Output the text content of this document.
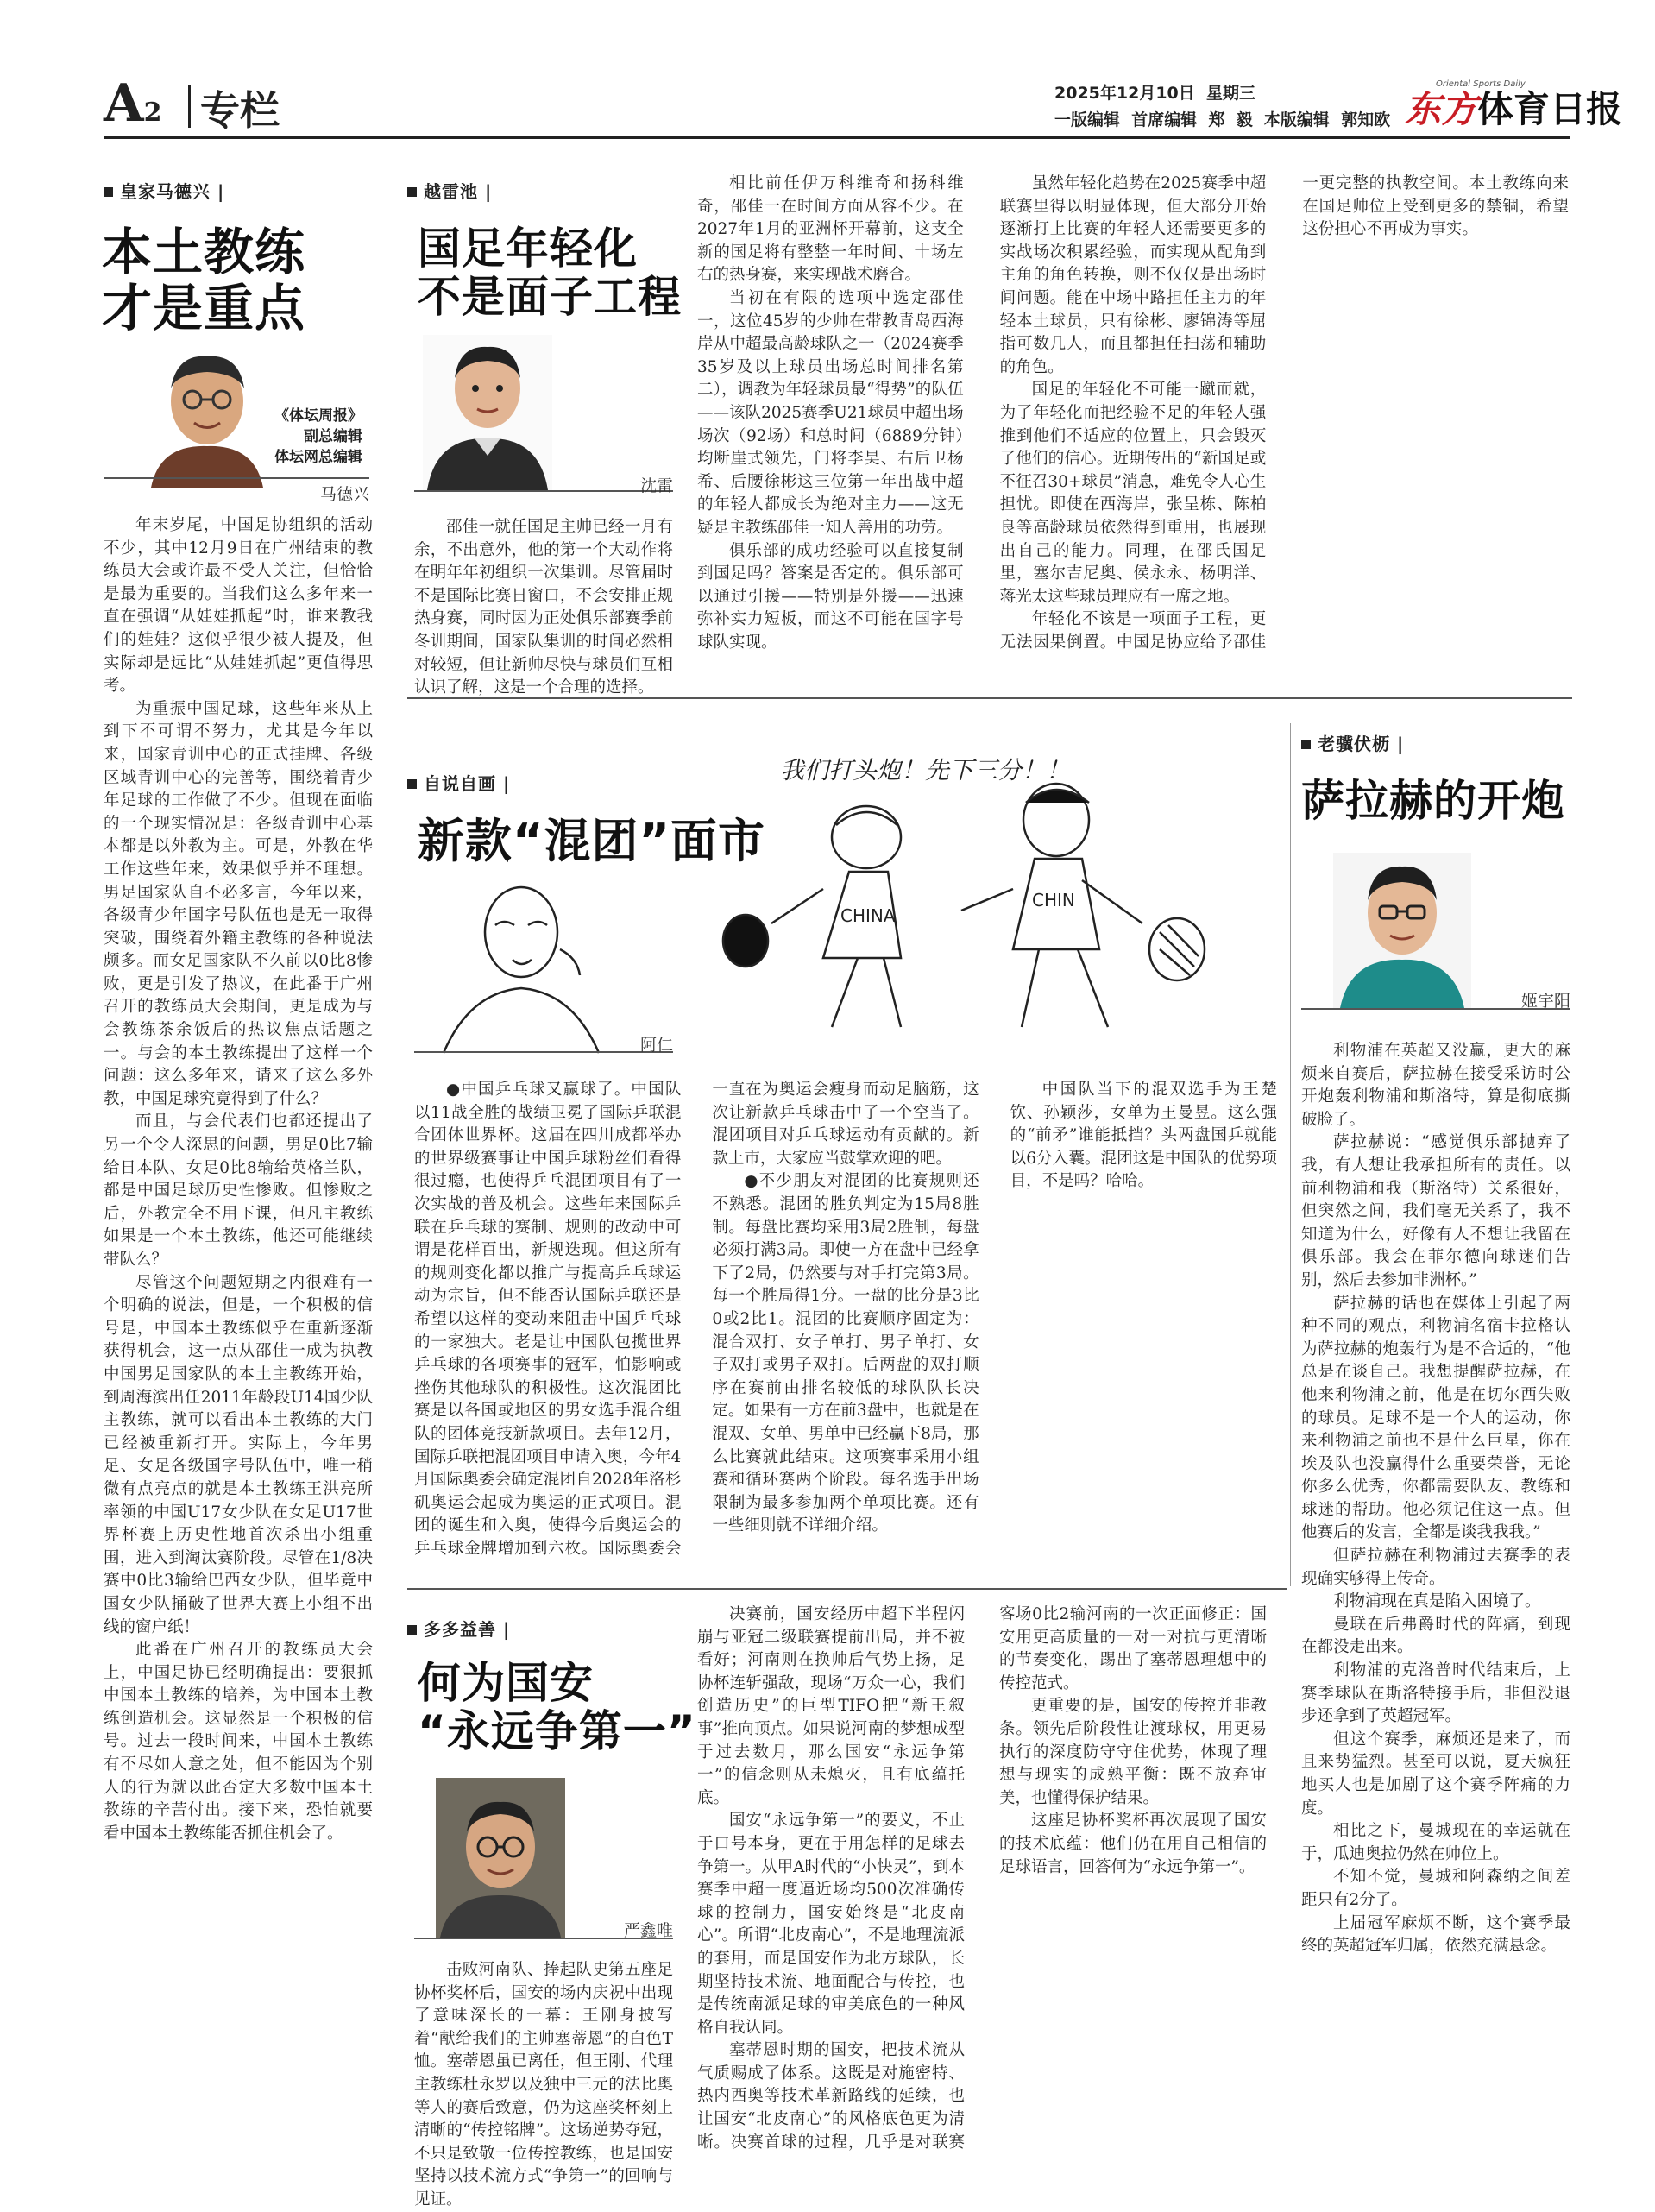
A2 专栏	2025年12月10日  星期三
一版编辑  首席编辑  郑  毅  本版编辑  郭知欧
Oriental Sports Daily
东方体育日报
皇家马德兴 |
本土教练
才是重点
《体坛周报》
副总编辑
体坛网总编辑
马德兴

年末岁尾，中国足协组织的活动不少，其中12月9日在广州结束的教练员大会或许最不受人关注，但恰恰是最为重要的。当我们这么多年来一直在强调“从娃娃抓起”时，谁来教我们的娃娃？这似乎很少被人提及，但实际却是远比“从娃娃抓起”更值得思考。

为重振中国足球，这些年来从上到下不可谓不努力，尤其是今年以来，国家青训中心的正式挂牌、各级区域青训中心的完善等，围绕着青少年足球的工作做了不少。但现在面临的一个现实情况是：各级青训中心基本都是以外教为主。可是，外教在华工作这些年来，效果似乎并不理想。男足国家队自不必多言，今年以来，各级青少年国字号队伍也是无一取得突破，围绕着外籍主教练的各种说法颇多。而女足国家队不久前以0比8惨败，更是引发了热议，在此番于广州召开的教练员大会期间，更是成为与会教练茶余饭后的热议焦点话题之一。与会的本土教练提出了这样一个问题：这么多年来，请来了这么多外教，中国足球究竟得到了什么？

而且，与会代表们也都还提出了另一个令人深思的问题，男足0比7输给日本队、女足0比8输给英格兰队，都是中国足球历史性惨败。但惨败之后，外教完全不用下课，但凡主教练如果是一个本土教练，他还可能继续带队么？

尽管这个问题短期之内很难有一个明确的说法，但是，一个积极的信号是，中国本土教练似乎在重新逐渐获得机会，这一点从邵佳一成为执教中国男足国家队的本土主教练开始，到周海滨出任2011年龄段U14国少队主教练，就可以看出本土教练的大门已经被重新打开。实际上，今年男足、女足各级国字号队伍中，唯一稍微有点亮点的就是本土教练王洪亮所率领的中国U17女少队在女足U17世界杯赛上历史性地首次杀出小组重围，进入到淘汰赛阶段。尽管在1/8决赛中0比3输给巴西女少队，但毕竟中国女少队捅破了世界大赛上小组不出线的窗户纸！

此番在广州召开的教练员大会上，中国足协已经明确提出：要狠抓中国本土教练的培养，为中国本土教练创造机会。这显然是一个积极的信号。过去一段时间来，中国本土教练有不尽如人意之处，但不能因为个别人的行为就以此否定大多数中国本土教练的辛苦付出。接下来，恐怕就要看中国本土教练能否抓住机会了。

越雷池 |
国足年轻化
不是面子工程
沈雷

邵佳一就任国足主帅已经一月有余，不出意外，他的第一个大动作将在明年年初组织一次集训。尽管届时不是国际比赛日窗口，不会安排正规热身赛，同时因为正处俱乐部赛季前冬训期间，国家队集训的时间必然相对较短，但让新帅尽快与球员们互相认识了解，这是一个合理的选择。

相比前任伊万科维奇和扬科维奇，邵佳一在时间方面从容不少。在2027年1月的亚洲杯开幕前，这支全新的国足将有整整一年时间、十场左右的热身赛，来实现战术磨合。

当初在有限的选项中选定邵佳一，这位45岁的少帅在带教青岛西海岸从中超最高龄球队之一（2024赛季35岁及以上球员出场总时间排名第二），调教为年轻球员最“得势”的队伍——该队2025赛季U21球员中超出场场次（92场）和总时间（6889分钟）均断崖式领先，门将李昊、右后卫杨希、后腰徐彬这三位第一年出战中超的年轻人都成长为绝对主力——这无疑是主教练邵佳一知人善用的功劳。

俱乐部的成功经验可以直接复制到国足吗？答案是否定的。俱乐部可以通过引援——特别是外援——迅速弥补实力短板，而这不可能在国字号球队实现。

虽然年轻化趋势在2025赛季中超联赛里得以明显体现，但大部分开始逐渐打上比赛的年轻人还需要更多的实战场次积累经验，而实现从配角到主角的角色转换，则不仅仅是出场时间问题。能在中场中路担任主力的年轻本土球员，只有徐彬、廖锦涛等屈指可数几人，而且都担任扫荡和辅助的角色。

国足的年轻化不可能一蹴而就，为了年轻化而把经验不足的年轻人强推到他们不适应的位置上，只会毁灭了他们的信心。近期传出的“新国足或不征召30+球员”消息，难免令人心生担忧。即使在西海岸，张呈栋、陈柏良等高龄球员依然得到重用，也展现出自己的能力。同理，在邵氏国足里，塞尔吉尼奥、侯永永、杨明洋、蒋光太这些球员理应有一席之地。

年轻化不该是一项面子工程，更无法因果倒置。中国足协应给予邵佳一更完整的执教空间。本土教练向来在国足帅位上受到更多的禁锢，希望这份担心不再成为事实。

自说自画 |
新款“混团”面市
我们打头炮！先下三分！！
CHINA
CHIN
阿仁

●中国乒乓球又赢球了。中国队以11战全胜的战绩卫冕了国际乒联混合团体世界杯。这届在四川成都举办的世界级赛事让中国乒球粉丝们看得很过瘾，也使得乒乓混团项目有了一次实战的普及机会。这些年来国际乒联在乒乓球的赛制、规则的改动中可谓是花样百出，新规迭现。但这所有的规则变化都以推广与提高乒乓球运动为宗旨，但不能否认国际乒联还是希望以这样的变动来阻击中国乒乓球的一家独大。老是让中国队包揽世界乒乓球的各项赛事的冠军，怕影响或挫伤其他球队的积极性。这次混团比赛是以各国或地区的男女选手混合组队的团体竞技新款项目。去年12月，国际乒联把混团项目申请入奥，今年4月国际奥委会确定混团自2028年洛杉矶奥运会起成为奥运的正式项目。混团的诞生和入奥，使得今后奥运会的乒乓球金牌增加到六枚。国际奥委会一直在为奥运会瘦身而动足脑筋，这次让新款乒乓球击中了一个空当了。混团项目对乒乓球运动有贡献的。新款上市，大家应当鼓掌欢迎的吧。

●不少朋友对混团的比赛规则还不熟悉。混团的胜负判定为15局8胜制。每盘比赛均采用3局2胜制，每盘必须打满3局。即使一方在盘中已经拿下了2局，仍然要与对手打完第3局。每一个胜局得1分。一盘的比分是3比0或2比1。混团的比赛顺序固定为：混合双打、女子单打、男子单打、女子双打或男子双打。后两盘的双打顺序在赛前由排名较低的球队队长决定。如果有一方在前3盘中，也就是在混双、女单、男单中已经赢下8局，那么比赛就此结束。这项赛事采用小组赛和循环赛两个阶段。每名选手出场限制为最多参加两个单项比赛。还有一些细则就不详细介绍。

中国队当下的混双选手为王楚钦、孙颖莎，女单为王曼昱。这么强的“前矛”谁能抵挡？头两盘国乒就能以6分入囊。混团这是中国队的优势项目，不是吗？哈哈。

老骥伏枥 |
萨拉赫的开炮
姬宇阳

利物浦在英超又没赢，更大的麻烦来自赛后，萨拉赫在接受采访时公开炮轰利物浦和斯洛特，算是彻底撕破脸了。

萨拉赫说：“感觉俱乐部抛弃了我，有人想让我承担所有的责任。以前利物浦和我（斯洛特）关系很好，但突然之间，我们毫无关系了，我不知道为什么，好像有人不想让我留在俱乐部。我会在菲尔德向球迷们告别，然后去参加非洲杯。”

萨拉赫的话也在媒体上引起了两种不同的观点，利物浦名宿卡拉格认为萨拉赫的炮轰行为是不合适的，“他总是在谈自己。我想提醒萨拉赫，在他来利物浦之前，他是在切尔西失败的球员。足球不是一个人的运动，你来利物浦之前也不是什么巨星，你在埃及队也没赢得什么重要荣誉，无论你多么优秀，你都需要队友、教练和球迷的帮助。他必须记住这一点。但他赛后的发言，全都是谈我我我。”

但萨拉赫在利物浦过去赛季的表现确实够得上传奇。

利物浦现在真是陷入困境了。

曼联在后弗爵时代的阵痛，到现在都没走出来。

利物浦的克洛普时代结束后，上赛季球队在斯洛特接手后，非但没退步还拿到了英超冠军。

但这个赛季，麻烦还是来了，而且来势猛烈。甚至可以说，夏天疯狂地买人也是加剧了这个赛季阵痛的力度。

相比之下，曼城现在的幸运就在于，瓜迪奥拉仍然在帅位上。

不知不觉，曼城和阿森纳之间差距只有2分了。

上届冠军麻烦不断，这个赛季最终的英超冠军归属，依然充满悬念。

多多益善 |
何为国安
“永远争第一”
严鑫唯

击败河南队、捧起队史第五座足协杯奖杯后，国安的场内庆祝中出现了意味深长的一幕：王刚身披写着“献给我们的主帅塞蒂恩”的白色T恤。塞蒂恩虽已离任，但王刚、代理主教练杜永罗以及独中三元的法比奥等人的赛后致意，仍为这座奖杯刻上清晰的“传控铭牌”。这场逆势夺冠，不只是致敬一位传控教练，也是国安坚持以技术流方式“争第一”的回响与见证。

决赛前，国安经历中超下半程闪崩与亚冠二级联赛提前出局，并不被看好；河南则在换帅后气势上扬，足协杯连斩强敌，现场“万众一心，我们创造历史”的巨型TIFO把“新王叙事”推向顶点。如果说河南的梦想成型于过去数月，那么国安“永远争第一”的信念则从未熄灭，且有底蕴托底。

国安“永远争第一”的要义，不止于口号本身，更在于用怎样的足球去争第一。从甲A时代的“小快灵”，到本赛季中超一度逼近场均500次准确传球的控制力，国安始终是“北皮南心”。所谓“北皮南心”，不是地理流派的套用，而是国安作为北方球队，长期坚持技术流、地面配合与传控，也是传统南派足球的审美底色的一种风格自我认同。

塞蒂恩时期的国安，把技术流从气质赐成了体系。这既是对施密特、热内西奥等技术革新路线的延续，也让国安“北皮南心”的风格底色更为清晰。决赛首球的过程，几乎是对联赛客场0比2输河南的一次正面修正：国安用更高质量的一对一对抗与更清晰的节奏变化，踢出了塞蒂恩理想中的传控范式。

更重要的是，国安的传控并非教条。领先后阶段性让渡球权，用更易执行的深度防守守住优势，体现了理想与现实的成熟平衡：既不放弃审美，也懂得保护结果。

这座足协杯奖杯再次展现了国安的技术底蕴：他们仍在用自己相信的足球语言，回答何为“永远争第一”。
